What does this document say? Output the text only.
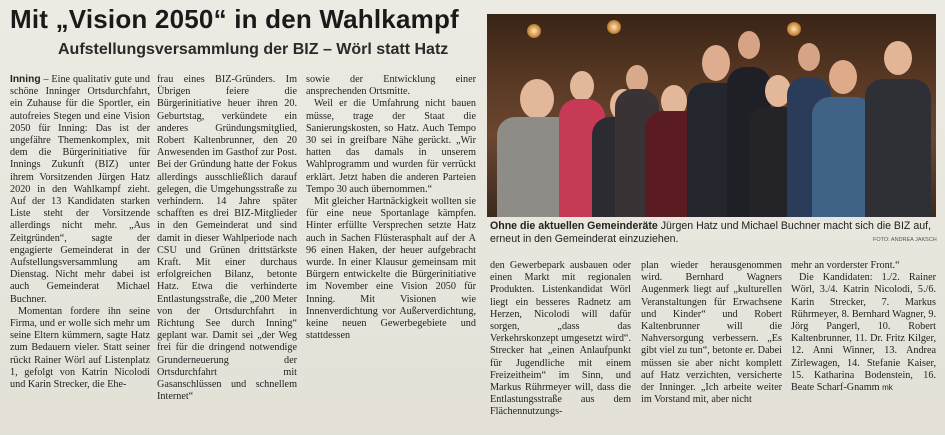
Mit „Vision 2050“ in den Wahlkampf
Aufstellungsversammlung der BIZ – Wörl statt Hatz

Inning – Eine qualitativ gute und schöne Inninger Ortsdurchfahrt, ein Zuhause für die Sportler, ein autofreies Stegen und eine Vision 2050 für Inning: Das ist der ungefähre Themenkomplex, mit dem die Bürgerinitiative für Innings Zukunft (BIZ) unter ihrem Vorsitzenden Jürgen Hatz 2020 in den Wahlkampf zieht. Auf der 13 Kandidaten starken Liste steht der Vorsitzende allerdings nicht mehr. „Aus Zeitgründen“, sagte der engagierte Gemeinderat in der Aufstellungsversammlung am Dienstag. Nicht mehr dabei ist auch Gemeinderat Michael Buchner.

Momentan fordere ihn seine Firma, und er wolle sich mehr um seine Eltern kümmern, sagte Hatz zum Bedauern vieler. Statt seiner rückt Rainer Wörl auf Listenplatz 1, gefolgt von Katrin Nicolodi und Karin Strecker, die Ehe-

frau eines BIZ-Gründers. Im Übrigen feiere die Bürgerinitiative heuer ihren 20. Geburtstag, verkündete ein anderes Gründungsmitglied, Robert Kaltenbrunner, den 20 Anwesenden im Gasthof zur Post. Bei der Gründung hatte der Fokus allerdings ausschließlich darauf gelegen, die Umgehungsstraße zu verhindern. 14 Jahre später schafften es drei BIZ-Mitglieder in den Gemeinderat und sind damit in dieser Wahlperiode nach CSU und Grünen drittstärkste Kraft. Mit einer durchaus erfolgreichen Bilanz, betonte Hatz. Etwa die verhinderte Entlastungsstraße, die „200 Meter von der Ortsdurchfahrt in Richtung See durch Inning“ geplant war. Damit sei „der Weg frei für die dringend notwendige Grunderneuerung der Ortsdurchfahrt mit Gasanschlüssen und schnellem Internet“

sowie der Entwicklung einer ansprechenden Ortsmitte.

Weil er die Umfahrung nicht bauen müsse, trage der Staat die Sanierungskosten, so Hatz. Auch Tempo 30 sei in greifbare Nähe gerückt. „Wir hatten das damals in unserem Wahlprogramm und wurden für verrückt erklärt. Jetzt haben die anderen Parteien Tempo 30 auch übernommen.“

Mit gleicher Hartnäckigkeit wollten sie für eine neue Sportanlage kämpfen. Hinter erfüllte Versprechen setzte Hatz auch in Sachen Flüsterasphalt auf der A 96 einen Haken, der heuer aufgebracht wurde. In einer Klausur gemeinsam mit Bürgern entwickelte die Bürgerinitiative im November eine Vision 2050 für Inning. Mit Visionen wie Innenverdichtung vor Außerverdichtung, keine neuen Gewerbegebiete und stattdessen

Ohne die aktuellen Gemeinderäte Jürgen Hatz und Michael Buchner macht sich die BIZ auf, erneut in den Gemeinderat einzuziehen.	FOTO: ANDREA JAKSCH

den Gewerbepark ausbauen oder einen Markt mit regionalen Produkten. Listenkandidat Wörl liegt ein besseres Radnetz am Herzen, Nicolodi will dafür sorgen, „dass das Verkehrskonzept umgesetzt wird“. Strecker hat „einen Anlaufpunkt für Jugendliche mit einem Freizeitheim“ im Sinn, und Markus Rührmeyer will, dass die Entlastungsstraße aus dem Flächennutzungs-

plan wieder herausgenommen wird. Bernhard Wagners Augenmerk liegt auf „kulturellen Veranstaltungen für Erwachsene und Kinder“ und Robert Kaltenbrunner will die Nahversorgung verbessern. „Es gibt viel zu tun“, betonte er. Dabei müssen sie aber nicht komplett auf Hatz verzichten, versicherte der Inninger. „Ich arbeite weiter im Vorstand mit, aber nicht

mehr an vorderster Front.“

Die Kandidaten: 1./2. Rainer Wörl, 3./4. Katrin Nicolodi, 5./6. Karin Strecker, 7. Markus Rührmeyer, 8. Bernhard Wagner, 9. Jörg Pangerl, 10. Robert Kaltenbrunner, 11. Dr. Fritz Kilger, 12. Anni Winner, 13. Andrea Zirlewagen, 14. Stefanie Kaiser, 15. Katharina Bodenstein, 16. Beate Scharf-Gnamm mk
